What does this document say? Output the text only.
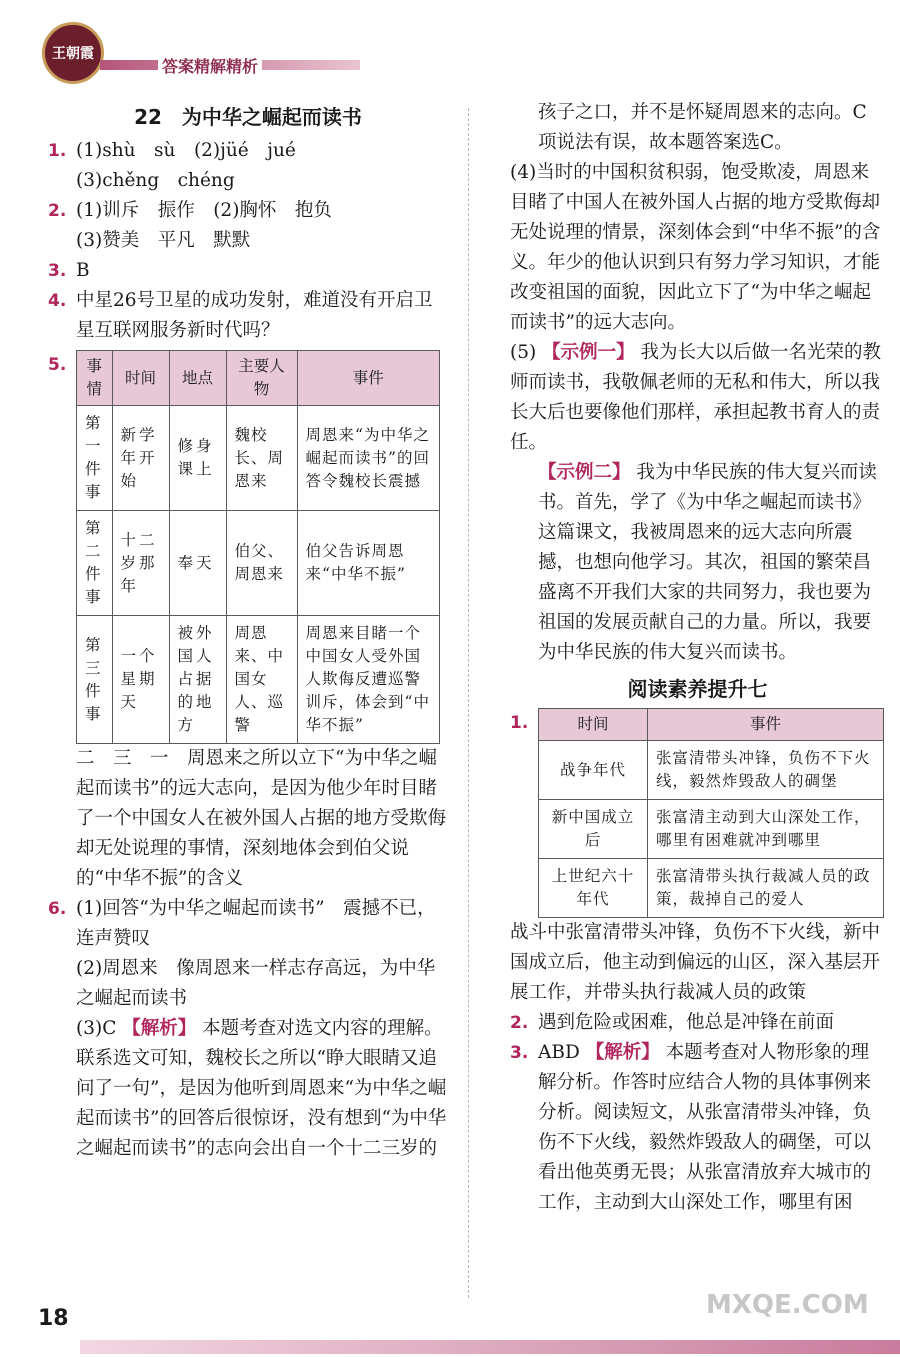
王朝霞
答案精解精析
22　为中华之崛起而读书
1. (1)shù　sù　(2)jüé　jué
(3)chěng　chéng
2. (1)训斥　振作　(2)胸怀　抱负
(3)赞美　平凡　默默
3. B
4. 中星26号卫星的成功发射，难道没有开启卫星互联网服务新时代吗？
5.	事情	时间	地点	主要人物	事件
第一件事	新学年开始	修身课上	魏校长、周恩来	周恩来“为中华之崛起而读书”的回答令魏校长震撼
第二件事	十二岁那年	奉天	伯父、周恩来	伯父告诉周恩来“中华不振”
第三件事	一个星期天	被外国人占据的地方	周恩来、中国女人、巡警	周恩来目睹一个中国女人受外国人欺侮反遭巡警训斥，体会到“中华不振”
二　三　一　周恩来之所以立下“为中华之崛起而读书”的远大志向，是因为他少年时目睹了一个中国女人在被外国人占据的地方受欺侮却无处说理的事情，深刻地体会到伯父说的“中华不振”的含义
6. (1)回答“为中华之崛起而读书”　震撼不已，连声赞叹
(2)周恩来　像周恩来一样志存高远，为中华之崛起而读书
(3)C 【解析】 本题考查对选文内容的理解。联系选文可知，魏校长之所以“睁大眼睛又追问了一句”，是因为他听到周恩来“为中华之崛起而读书”的回答后很惊讶，没有想到“为中华之崛起而读书”的志向会出自一个十二三岁的
孩子之口，并不是怀疑周恩来的志向。C项说法有误，故本题答案选C。
(4)当时的中国积贫积弱，饱受欺凌，周恩来目睹了中国人在被外国人占据的地方受欺侮却无处说理的情景，深刻体会到“中华不振”的含义。年少的他认识到只有努力学习知识，才能改变祖国的面貌，因此立下了“为中华之崛起而读书”的远大志向。
(5) 【示例一】 我为长大以后做一名光荣的教师而读书，我敬佩老师的无私和伟大，所以我长大后也要像他们那样，承担起教书育人的责任。
【示例二】 我为中华民族的伟大复兴而读书。首先，学了《为中华之崛起而读书》这篇课文，我被周恩来的远大志向所震撼，也想向他学习。其次，祖国的繁荣昌盛离不开我们大家的共同努力，我也要为祖国的发展贡献自己的力量。所以，我要为中华民族的伟大复兴而读书。
阅读素养提升七
1.	时间	事件
战争年代	张富清带头冲锋，负伤不下火线，毅然炸毁敌人的碉堡
新中国成立后	张富清主动到大山深处工作，哪里有困难就冲到哪里
上世纪六十年代	张富清带头执行裁减人员的政策，裁掉自己的爱人
战斗中张富清带头冲锋，负伤不下火线，新中国成立后，他主动到偏远的山区，深入基层开展工作，并带头执行裁减人员的政策
2. 遇到危险或困难，他总是冲锋在前面
3. ABD 【解析】 本题考查对人物形象的理解分析。作答时应结合人物的具体事例来分析。阅读短文，从张富清带头冲锋，负伤不下火线，毅然炸毁敌人的碉堡，可以看出他英勇无畏；从张富清放弃大城市的工作，主动到大山深处工作，哪里有困
18	MXQE.COM
